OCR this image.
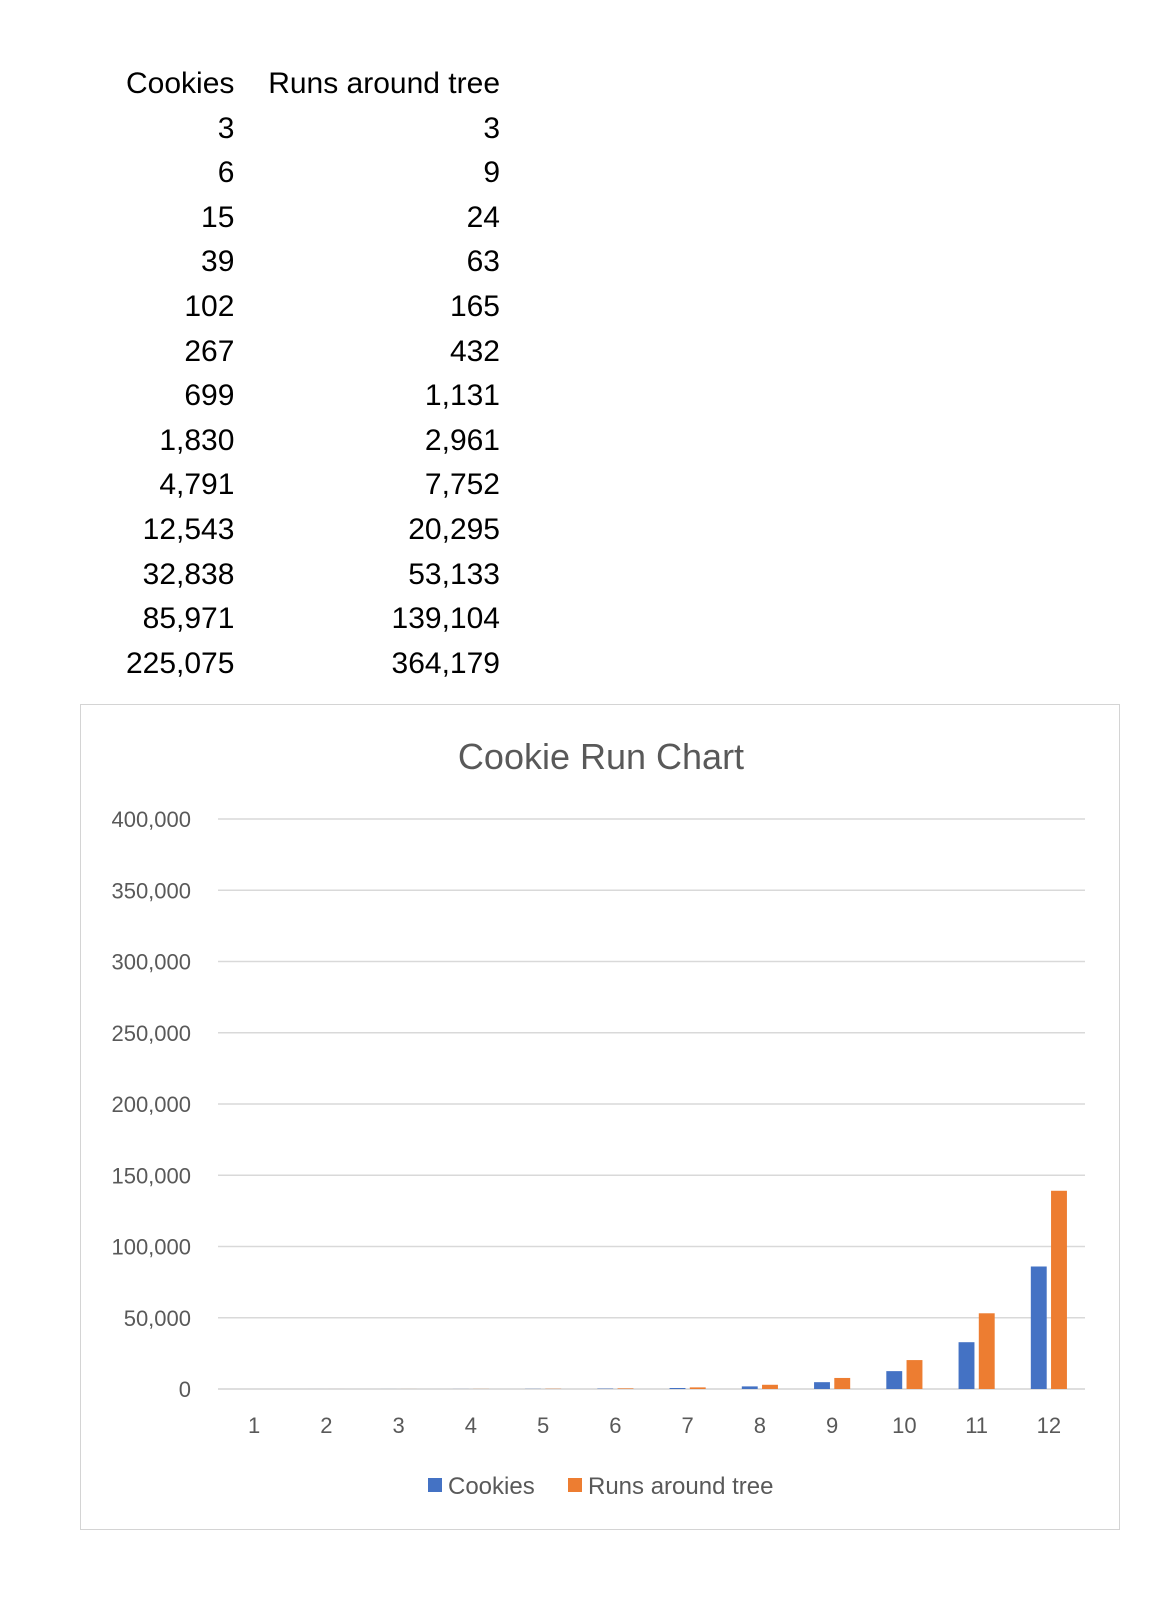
Cookies	Runs around tree
3	3
6	9
15	24
39	63
102	165
267	432
699	1,131
1,830	2,961
4,791	7,752
12,543	20,295
32,838	53,133
85,971	139,104
225,075	364,179
Cookie Run Chart
0
50,000
100,000
150,000
200,000
250,000
300,000
350,000
400,000
1	2	3	4	5	6	7	8	9 10 11 12
Cookies Runs around tree
